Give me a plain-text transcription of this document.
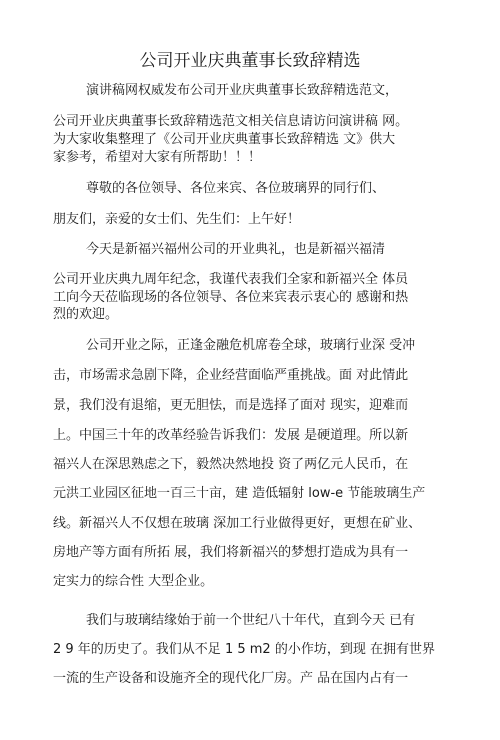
公司开业庆典董事长致辞精选
演讲稿网权威发布公司开业庆典董事长致辞精选范文，
公司开业庆典董事长致辞精选范文相关信息请访问演讲稿 网。
为大家收集整理了《公司开业庆典董事长致辞精选 文》供大
家参考，希望对大家有所帮助！！！
尊敬的各位领导、各位来宾、各位玻璃界的同行们、
朋友们，亲爱的女士们、先生们：上午好！
今天是新福兴福州公司的开业典礼，也是新福兴福清
公司开业庆典九周年纪念，我谨代表我们全家和新福兴全 体员
工向今天莅临现场的各位领导、各位来宾表示衷心的 感谢和热
烈的欢迎。
公司开业之际，正逢金融危机席卷全球，玻璃行业深 受冲
击，市场需求急剧下降，企业经营面临严重挑战。面 对此情此
景，我们没有退缩，更无胆怯，而是选择了面对 现实，迎难而
上。中国三十年的改革经验告诉我们：发展 是硬道理。所以新
福兴人在深思熟虑之下，毅然决然地投 资了两亿元人民币，在
元洪工业园区征地一百三十亩，建 造低辐射 low-e 节能玻璃生产
线。新福兴人不仅想在玻璃 深加工行业做得更好，更想在矿业、
房地产等方面有所拓 展，我们将新福兴的梦想打造成为具有一
定实力的综合性 大型企业。
我们与玻璃结缘始于前一个世纪八十年代，直到今天 已有
2 9 年的历史了。我们从不足 1 5 m2 的小作坊，到现 在拥有世界
一流的生产设备和设施齐全的现代化厂房。产 品在国内占有一
